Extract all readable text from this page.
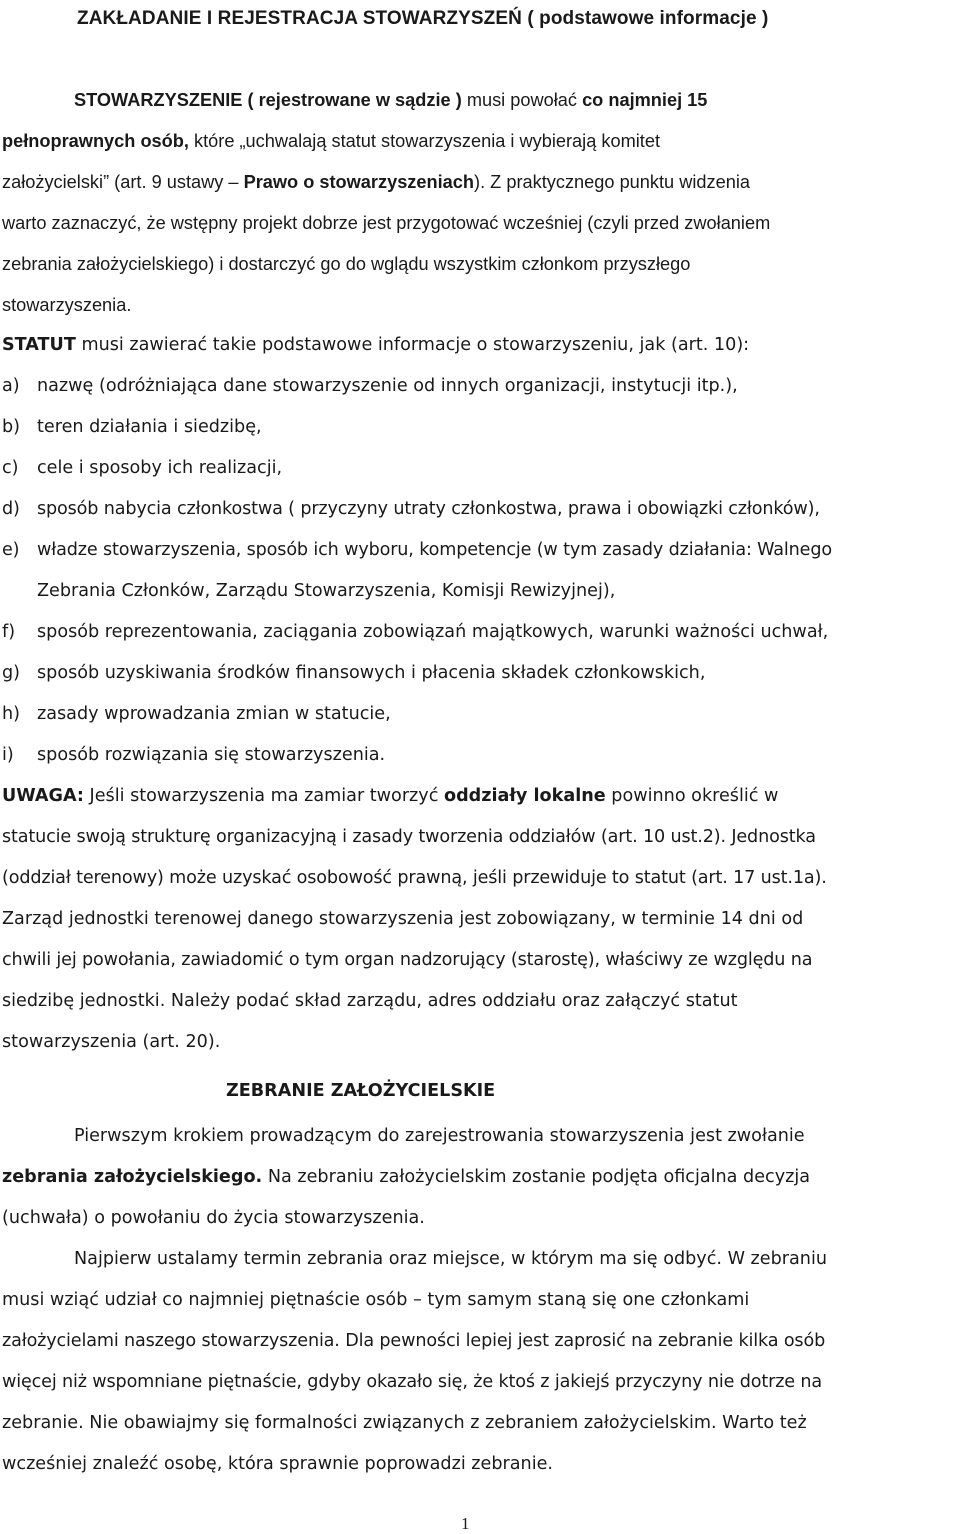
ZAKŁADANIE I REJESTRACJA STOWARZYSZEŃ ( podstawowe informacje )
STOWARZYSZENIE ( rejestrowane w sądzie ) musi powołać co najmniej 15
pełnoprawnych osób, które „uchwalają statut stowarzyszenia i wybierają komitet
założycielski” (art. 9 ustawy – Prawo o stowarzyszeniach). Z praktycznego punktu widzenia
warto zaznaczyć, że wstępny projekt dobrze jest przygotować wcześniej (czyli przed zwołaniem
zebrania założycielskiego) i dostarczyć go do wglądu wszystkim członkom przyszłego
stowarzyszenia.
STATUT musi zawierać takie podstawowe informacje o stowarzyszeniu, jak (art. 10):
a) nazwę (odróżniająca dane stowarzyszenie od innych organizacji, instytucji itp.),
b) teren działania i siedzibę,
c) cele i sposoby ich realizacji,
d) sposób nabycia członkostwa ( przyczyny utraty członkostwa, prawa i obowiązki członków),
e) władze stowarzyszenia, sposób ich wyboru, kompetencje (w tym zasady działania: Walnego
Zebrania Członków, Zarządu Stowarzyszenia, Komisji Rewizyjnej),
f) sposób reprezentowania, zaciągania zobowiązań majątkowych, warunki ważności uchwał,
g) sposób uzyskiwania środków finansowych i płacenia składek członkowskich,
h) zasady wprowadzania zmian w statucie,
i) sposób rozwiązania się stowarzyszenia.
UWAGA: Jeśli stowarzyszenia ma zamiar tworzyć oddziały lokalne powinno określić w
statucie swoją strukturę organizacyjną i zasady tworzenia oddziałów (art. 10 ust.2). Jednostka
(oddział terenowy) może uzyskać osobowość prawną, jeśli przewiduje to statut (art. 17 ust.1a).
Zarząd jednostki terenowej danego stowarzyszenia jest zobowiązany, w terminie 14 dni od
chwili jej powołania, zawiadomić o tym organ nadzorujący (starostę), właściwy ze względu na
siedzibę jednostki. Należy podać skład zarządu, adres oddziału oraz załączyć statut
stowarzyszenia (art. 20).
ZEBRANIE ZAŁOŻYCIELSKIE
Pierwszym krokiem prowadzącym do zarejestrowania stowarzyszenia jest zwołanie
zebrania założycielskiego. Na zebraniu założycielskim zostanie podjęta oficjalna decyzja
(uchwała) o powołaniu do życia stowarzyszenia.
Najpierw ustalamy termin zebrania oraz miejsce, w którym ma się odbyć. W zebraniu
musi wziąć udział co najmniej piętnaście osób – tym samym staną się one członkami
założycielami naszego stowarzyszenia. Dla pewności lepiej jest zaprosić na zebranie kilka osób
więcej niż wspomniane piętnaście, gdyby okazało się, że ktoś z jakiejś przyczyny nie dotrze na
zebranie. Nie obawiajmy się formalności związanych z zebraniem założycielskim. Warto też
wcześniej znaleźć osobę, która sprawnie poprowadzi zebranie.
1
